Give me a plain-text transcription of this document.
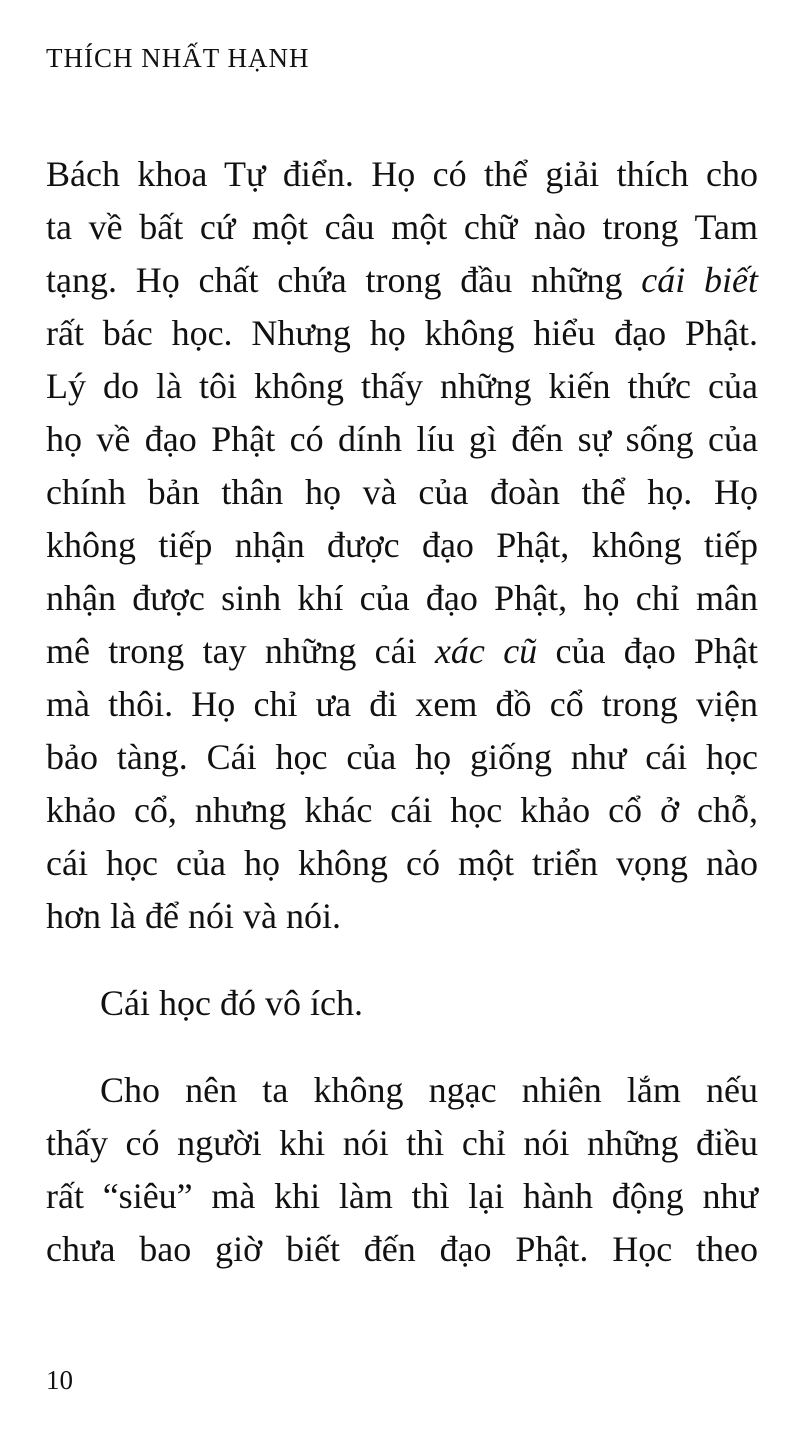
THÍCH NHẤT HẠNH
Bách khoa Tự điển. Họ có thể giải thích cho
ta về bất cứ một câu một chữ nào trong Tam
tạng. Họ chất chứa trong đầu những cái biết
rất bác học. Nhưng họ không hiểu đạo Phật.
Lý do là tôi không thấy những kiến thức của
họ về đạo Phật có dính líu gì đến sự sống của
chính bản thân họ và của đoàn thể họ. Họ
không tiếp nhận được đạo Phật, không tiếp
nhận được sinh khí của đạo Phật, họ chỉ mân
mê trong tay những cái xác cũ của đạo Phật
mà thôi. Họ chỉ ưa đi xem đồ cổ trong viện
bảo tàng. Cái học của họ giống như cái học
khảo cổ, nhưng khác cái học khảo cổ ở chỗ,
cái học của họ không có một triển vọng nào
hơn là để nói và nói.
Cái học đó vô ích.
Cho nên ta không ngạc nhiên lắm nếu
thấy có người khi nói thì chỉ nói những điều
rất “siêu” mà khi làm thì lại hành động như
chưa bao giờ biết đến đạo Phật. Học theo
10
